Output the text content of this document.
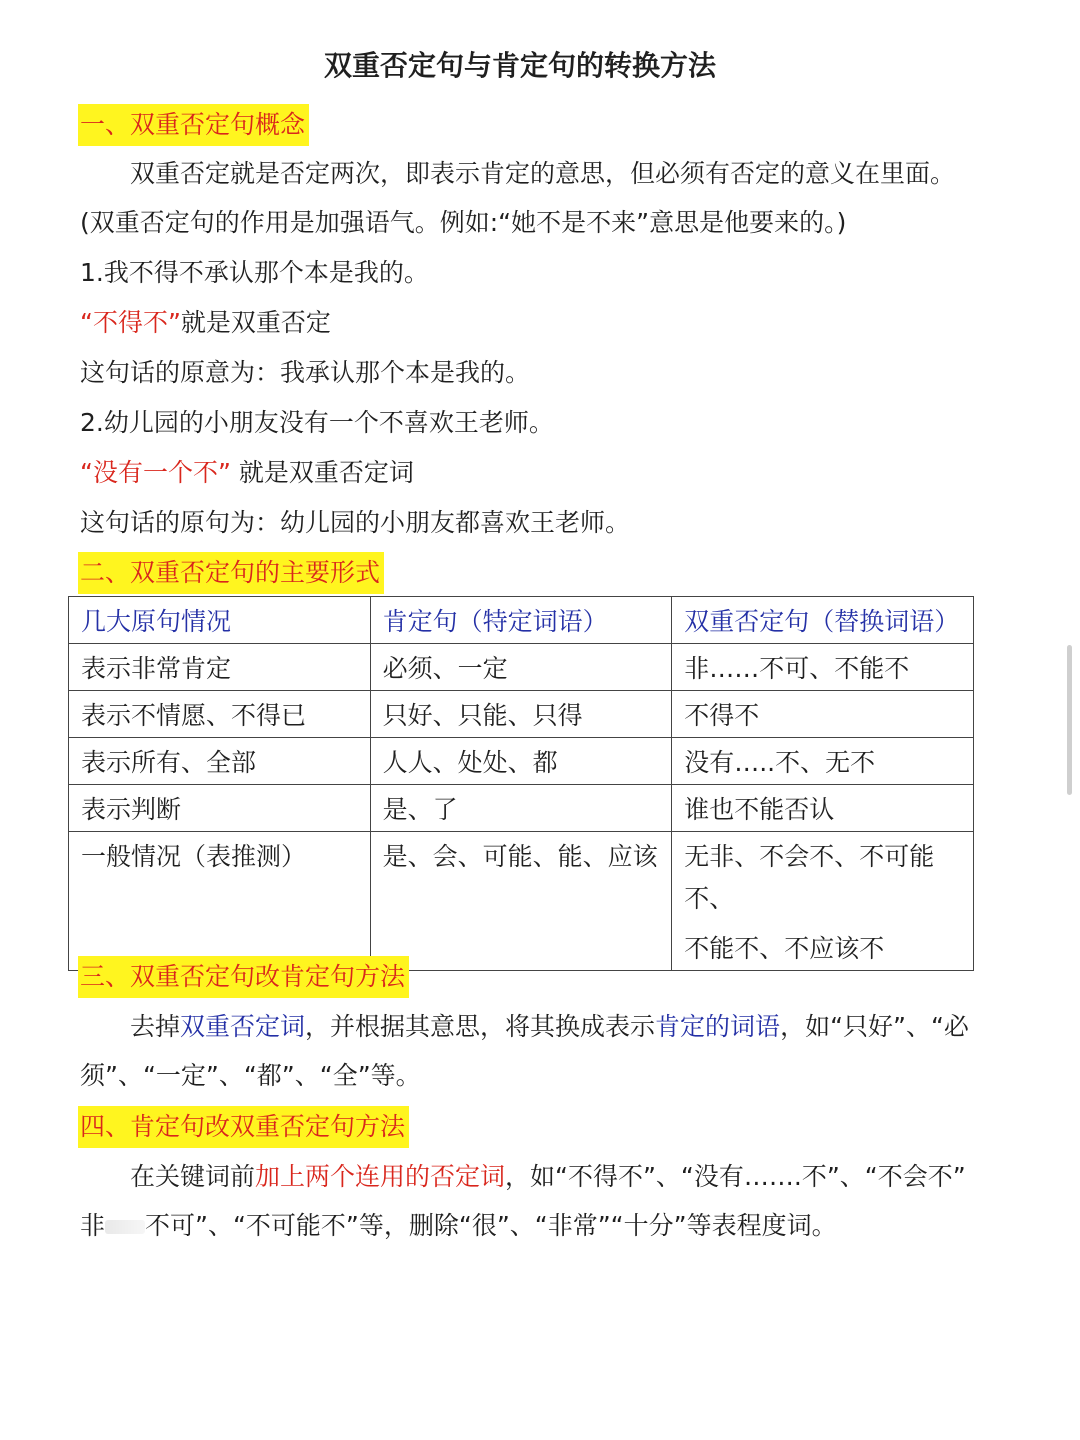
双重否定句与肯定句的转换方法
一、双重否定句概念
双重否定就是否定两次，即表示肯定的意思，但必须有否定的意义在里面。
(双重否定句的作用是加强语气。例如:“她不是不来”意思是他要来的。)
1.我不得不承认那个本是我的。
“不得不”就是双重否定
这句话的原意为：我承认那个本是我的。
2.幼儿园的小朋友没有一个不喜欢王老师。
“没有一个不” 就是双重否定词
这句话的原句为：幼儿园的小朋友都喜欢王老师。
二、双重否定句的主要形式
几大原句情况	肯定句（特定词语）	双重否定句（替换词语）
表示非常肯定	必须、一定	非……不可、不能不
表示不情愿、不得已	只好、只能、只得	不得不
表示所有、全部	人人、处处、都	没有…..不、无不
表示判断	是、了	谁也不能否认
一般情况（表推测）	是、会、可能、能、应该	无非、不会不、不可能不、
不能不、不应该不
三、双重否定句改肯定句方法
去掉双重否定词，并根据其意思，将其换成表示肯定的词语，如“只好”、“必
须”、“一定”、“都”、“全”等。
四、肯定句改双重否定句方法
在关键词前加上两个连用的否定词，如“不得不”、“没有…….不”、“不会不”
非 不可”、“不可能不”等，删除“很”、“非常”“十分”等表程度词。
